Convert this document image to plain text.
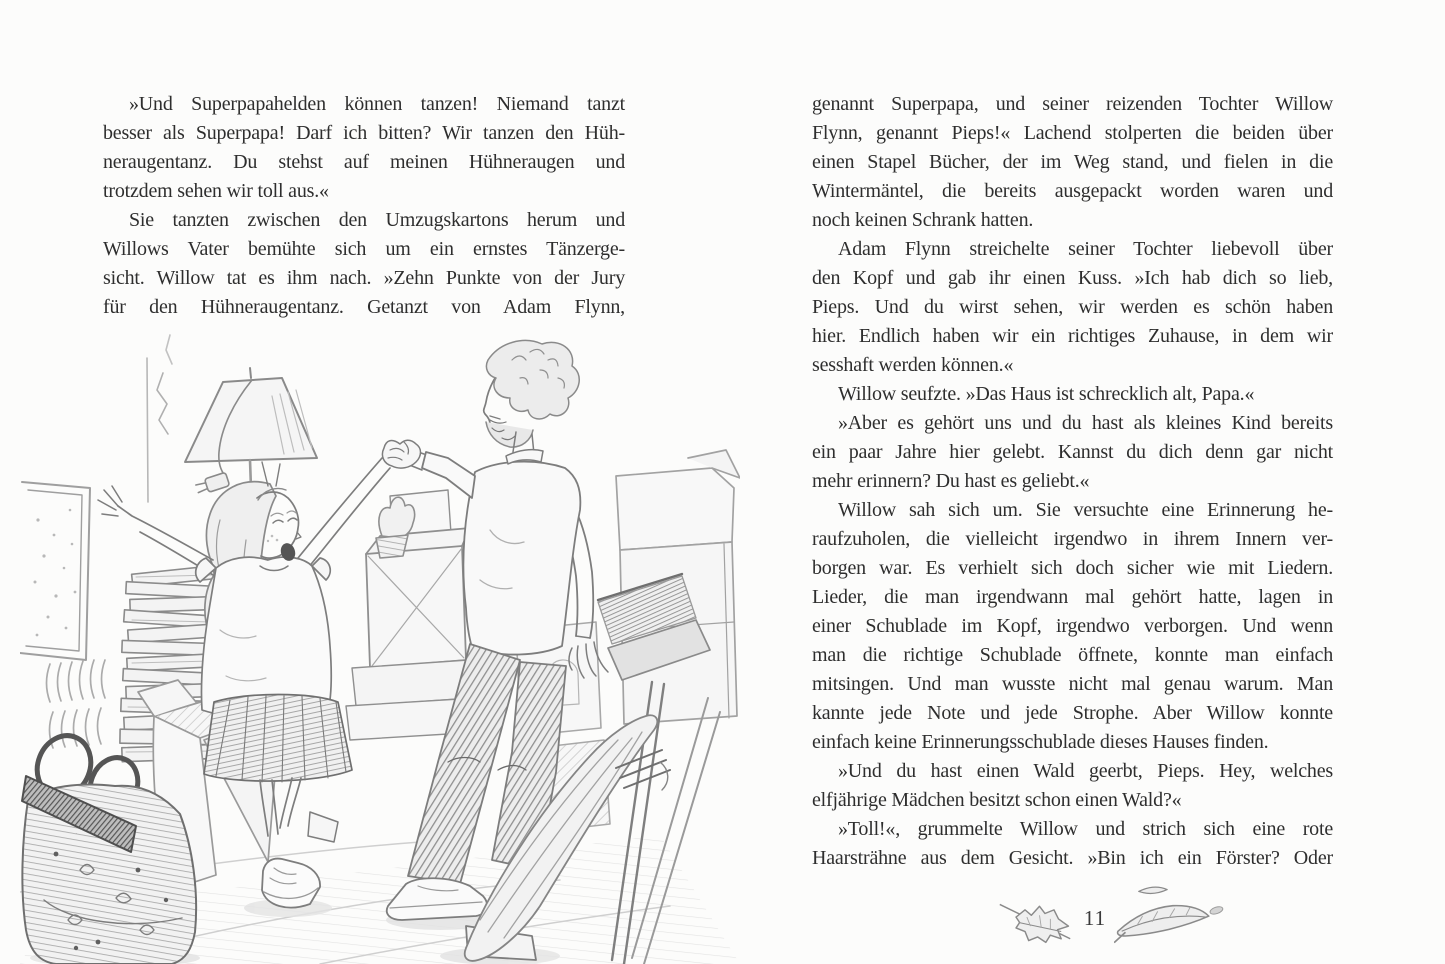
»Und Superpapahelden können tanzen! Niemand tanzt
besser als Superpapa! Darf ich bitten? Wir tanzen den Hüh-
neraugentanz. Du stehst auf meinen Hühneraugen und
trotzdem sehen wir toll aus.«
Sie tanzten zwischen den Umzugskartons herum und
Willows Vater bemühte sich um ein ernstes Tänzerge-
sicht. Willow tat es ihm nach. »Zehn Punkte von der Jury
für den Hühneraugentanz. Getanzt von Adam Flynn,
genannt Superpapa, und seiner reizenden Tochter Willow
Flynn, genannt Pieps!« Lachend stolperten die beiden über
einen Stapel Bücher, der im Weg stand, und fielen in die
Wintermäntel, die bereits ausgepackt worden waren und
noch keinen Schrank hatten.
Adam Flynn streichelte seiner Tochter liebevoll über
den Kopf und gab ihr einen Kuss. »Ich hab dich so lieb,
Pieps. Und du wirst sehen, wir werden es schön haben
hier. Endlich haben wir ein richtiges Zuhause, in dem wir
sesshaft werden können.«
Willow seufzte. »Das Haus ist schrecklich alt, Papa.«
»Aber es gehört uns und du hast als kleines Kind bereits
ein paar Jahre hier gelebt. Kannst du dich denn gar nicht
mehr erinnern? Du hast es geliebt.«
Willow sah sich um. Sie versuchte eine Erinnerung he-
raufzuholen, die vielleicht irgendwo in ihrem Innern ver-
borgen war. Es verhielt sich doch sicher wie mit Liedern.
Lieder, die man irgendwann mal gehört hatte, lagen in
einer Schublade im Kopf, irgendwo verborgen. Und wenn
man die richtige Schublade öffnete, konnte man einfach
mitsingen. Und man wusste nicht mal genau warum. Man
kannte jede Note und jede Strophe. Aber Willow konnte
einfach keine Erinnerungsschublade dieses Hauses finden.
»Und du hast einen Wald geerbt, Pieps. Hey, welches
elfjährige Mädchen besitzt schon einen Wald?«
»Toll!«, grummelte Willow und strich sich eine rote
Haarsträhne aus dem Gesicht. »Bin ich ein Förster? Oder
11
